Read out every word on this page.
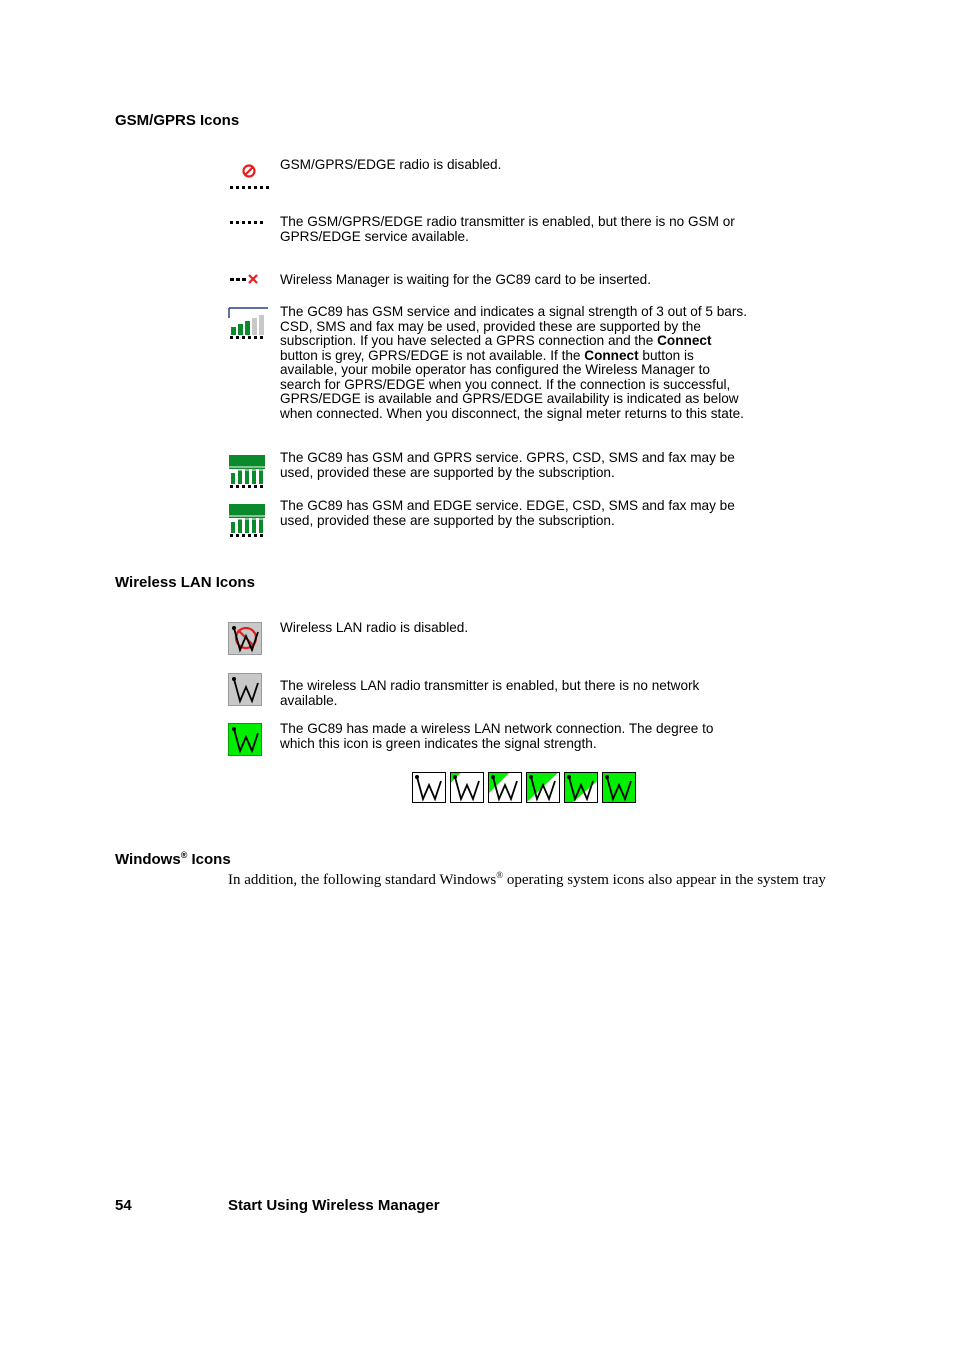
GSM/GPRS Icons
GSM/GPRS/EDGE radio is disabled.
The GSM/GPRS/EDGE radio transmitter is enabled, but there is no GSM or GPRS/EDGE service available.
Wireless Manager is waiting for the GC89 card to be inserted.
The GC89 has GSM service and indicates a signal strength of 3 out of 5 bars. CSD, SMS and fax may be used, provided these are supported by the subscription. If you have selected a GPRS connection and the Connect button is grey, GPRS/EDGE is not available. If the Connect button is available, your mobile operator has configured the Wireless Manager to search for GPRS/EDGE when you connect. If the connection is successful, GPRS/EDGE is available and GPRS/EDGE availability is indicated as below when connected. When you disconnect, the signal meter returns to this state.
The GC89 has GSM and GPRS service. GPRS, CSD, SMS and fax may be used, provided these are supported by the subscription.
The GC89 has GSM and EDGE service. EDGE, CSD, SMS and fax may be used, provided these are supported by the subscription.
Wireless LAN Icons
Wireless LAN radio is disabled.
The wireless LAN radio transmitter is enabled, but there is no network available.
The GC89 has made a wireless LAN network connection. The degree to which this icon is green indicates the signal strength.
Windows® Icons
In addition, the following standard Windows® operating system icons also appear in the system tray
54	Start Using Wireless Manager
